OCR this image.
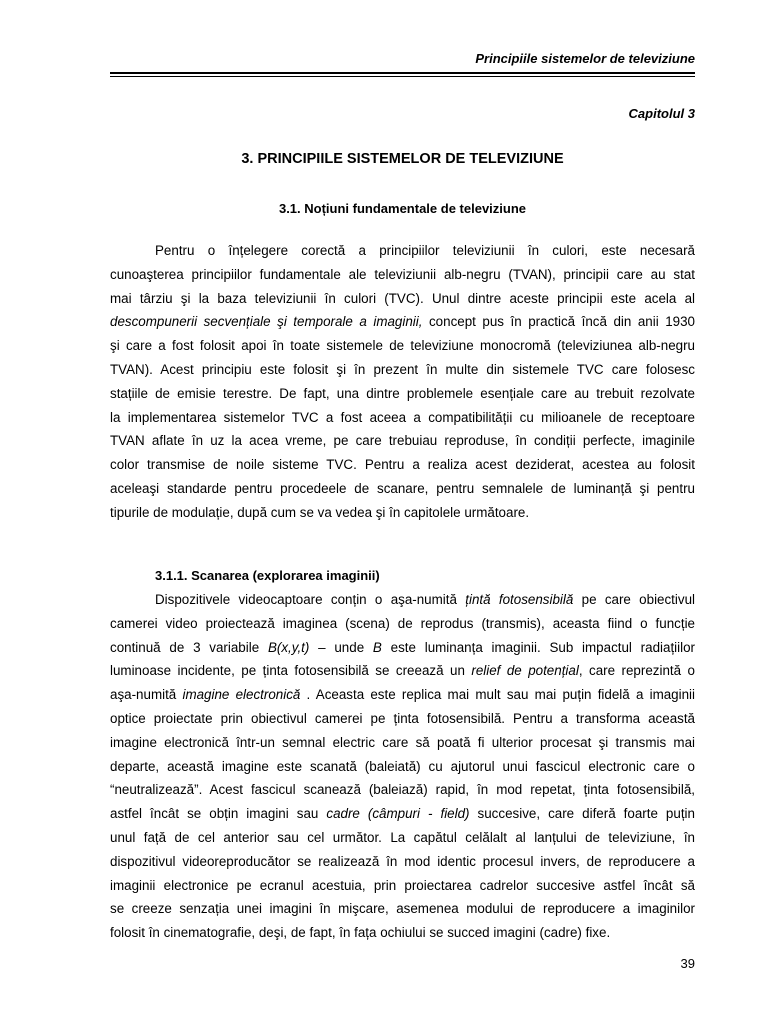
Principiile sistemelor de televiziune
Capitolul 3
3. PRINCIPIILE SISTEMELOR DE TELEVIZIUNE
3.1. Noțiuni fundamentale de televiziune
Pentru o înțelegere corectă a principiilor televiziunii în culori, este necesară
cunoaşterea principiilor fundamentale ale televiziunii alb-negru (TVAN), principii care au stat
mai târziu şi la baza televiziunii în culori (TVC). Unul dintre aceste principii este acela al
descompunerii secvențiale şi temporale a imaginii, concept pus în practică încă din anii 1930
şi care a fost folosit apoi în toate sistemele de televiziune monocromă (televiziunea alb-negru
TVAN). Acest principiu este folosit şi în prezent în multe din sistemele TVC care folosesc
stațiile de emisie terestre. De fapt, una dintre problemele esențiale care au trebuit rezolvate
la implementarea sistemelor TVC a fost aceea a compatibilității cu milioanele de receptoare
TVAN aflate în uz la acea vreme, pe care trebuiau reproduse, în condiții perfecte, imaginile
color transmise de noile sisteme TVC. Pentru a realiza acest deziderat, acestea au folosit
aceleaşi standarde pentru procedeele de scanare, pentru semnalele de luminanță şi pentru
tipurile de modulație, după cum se va vedea şi în capitolele următoare.
3.1.1. Scanarea (explorarea imaginii)
Dispozitivele videocaptoare conțin o aşa-numită țintă fotosensibilă pe care obiectivul
camerei video proiectează imaginea (scena) de reprodus (transmis), aceasta fiind o funcție
continuă de 3 variabile B(x,y,t) – unde B este luminanța imaginii. Sub impactul radiațiilor
luminoase incidente, pe ținta fotosensibilă se creează un relief de potențial, care reprezintă o
aşa-numită imagine electronică . Aceasta este replica mai mult sau mai puțin fidelă a imaginii
optice proiectate prin obiectivul camerei pe ținta fotosensibilă. Pentru a transforma această
imagine electronică într-un semnal electric care să poată fi ulterior procesat şi transmis mai
departe, această imagine este scanată (baleiată) cu ajutorul unui fascicul electronic care o
“neutralizează”. Acest fascicul scanează (baleiază) rapid, în mod repetat, ținta fotosensibilă,
astfel încât se obțin imagini sau cadre (câmpuri - field) succesive, care diferă foarte puțin
unul față de cel anterior sau cel următor. La capătul celălalt al lanțului de televiziune, în
dispozitivul videoreproducător se realizează în mod identic procesul invers, de reproducere a
imaginii electronice pe ecranul acestuia, prin proiectarea cadrelor succesive astfel încât să
se creeze senzația unei imagini în mişcare, asemenea modului de reproducere a imaginilor
folosit în cinematografie, deşi, de fapt, în fața ochiului se succed imagini (cadre) fixe.
39
